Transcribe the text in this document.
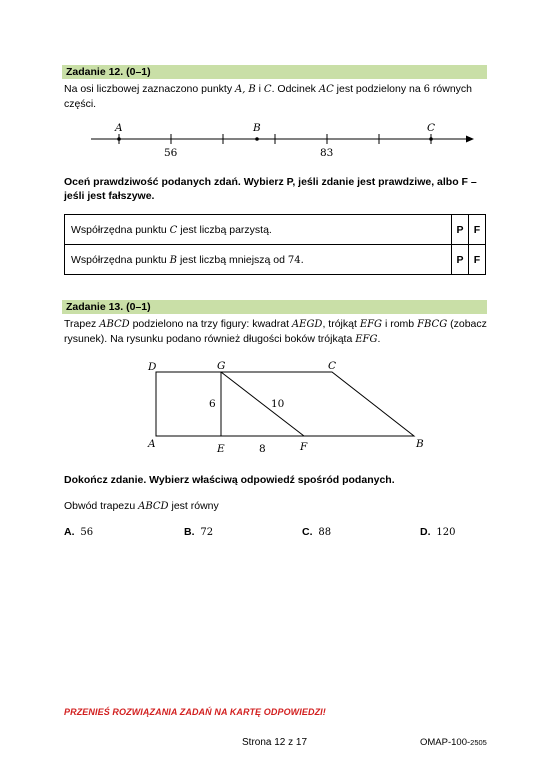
Zadanie 12. (0–1)
Na osi liczbowej zaznaczono punkty A, B i C. Odcinek AC jest podzielony na 6 równych
części.
A	B	C
56	83
Oceń prawdziwość podanych zdań. Wybierz P, jeśli zdanie jest prawdziwe, albo F –
jeśli jest fałszywe.
Współrzędna punktu C jest liczbą parzystą.	P	F
Współrzędna punktu B jest liczbą mniejszą od 74.	P	F
Zadanie 13. (0–1)
Trapez ABCD podzielono na trzy figury: kwadrat AEGD, trójkąt EFG i romb FBCG (zobacz
rysunek). Na rysunku podano również długości boków trójkąta EFG.
D	G	C
A	E	F	B
6	10
8
Dokończ zdanie. Wybierz właściwą odpowiedź spośród podanych.
Obwód trapezu ABCD jest równy
A. 56	B. 72	C. 88	D. 120
PRZENIEŚ ROZWIĄZANIA ZADAŃ NA KARTĘ ODPOWIEDZI!
Strona 12 z 17	OMAP-100-2505
